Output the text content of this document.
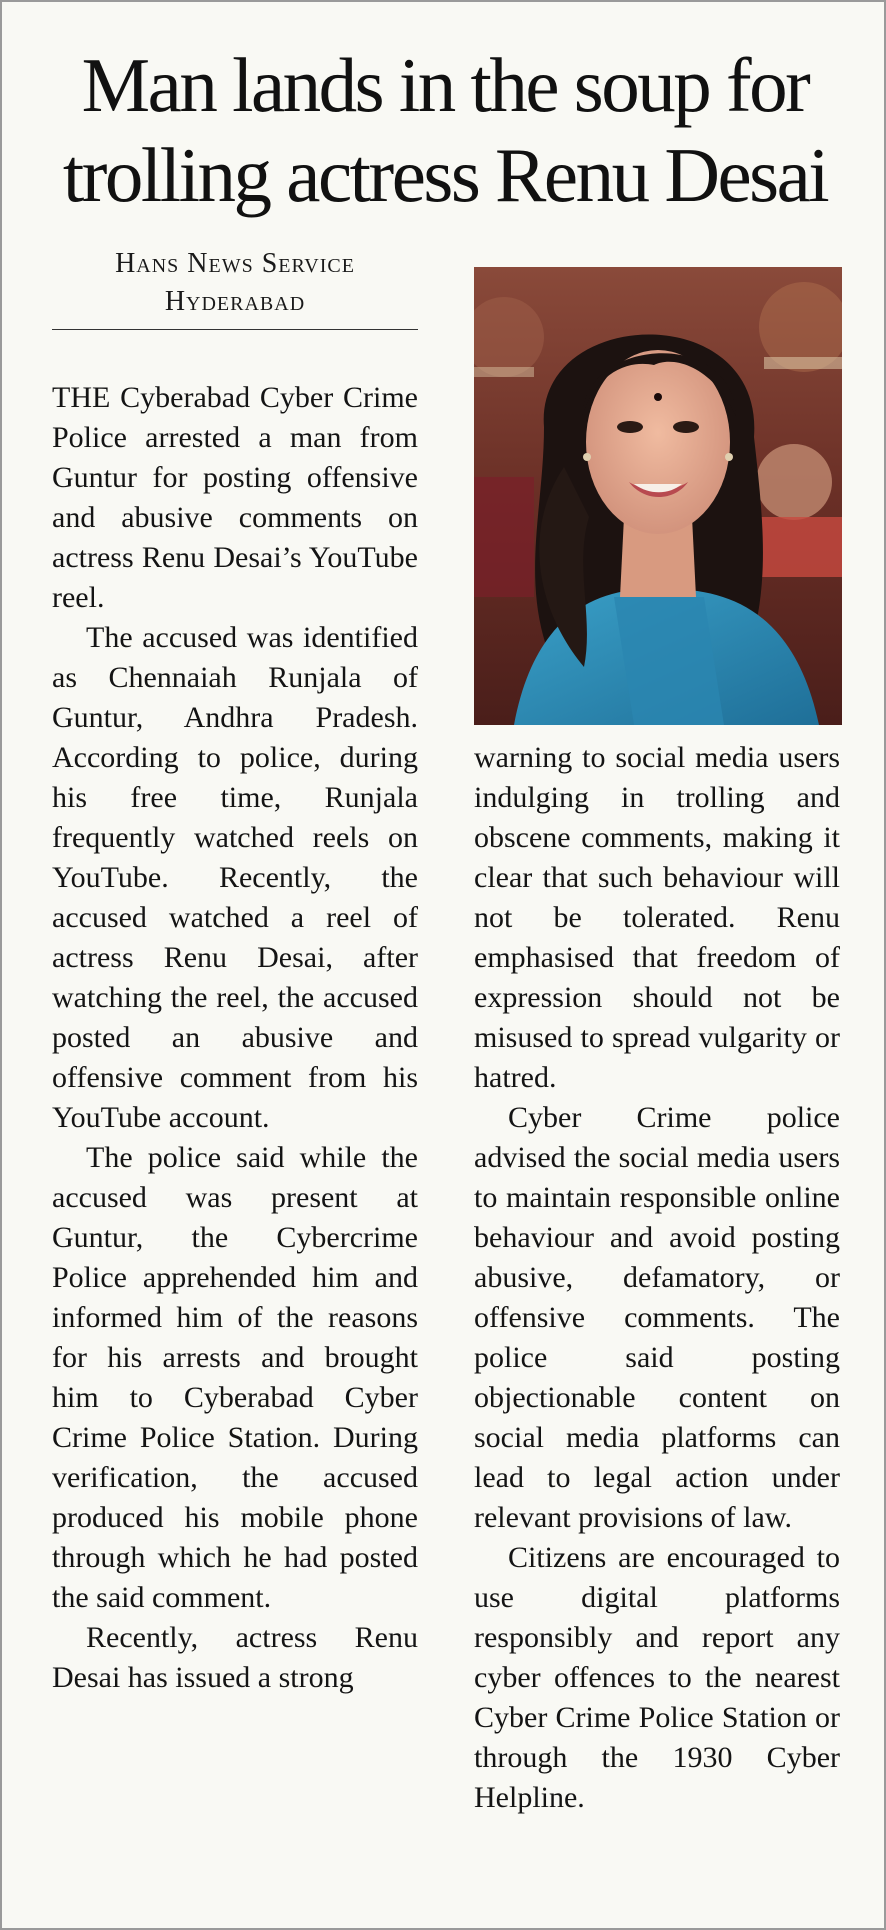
Man lands in the soup for trolling actress Renu Desai
Hans News Service
Hyderabad

THE Cyberabad Cyber Crime Police arrested a man from Guntur for posting offensive and abusive comments on actress Renu Desai’s YouTube reel.

The accused was identified as Chennaiah Runjala of Guntur, Andhra Pradesh. According to police, during his free time, Runjala frequently watched reels on YouTube. Recently, the accused watched a reel of actress Renu Desai, after watching the reel, the accused posted an abusive and offensive comment from his YouTube account.

The police said while the accused was present at Guntur, the Cybercrime Police apprehended him and informed him of the reasons for his arrests and brought him to Cyberabad Cyber Crime Police Station. During verification, the accused produced his mobile phone through which he had posted the said comment.

Recently, actress Renu Desai has issued a strong

warning to social media users indulging in trolling and obscene comments, making it clear that such behaviour will not be tolerated. Renu emphasised that freedom of expression should not be misused to spread vulgarity or hatred.

Cyber Crime police advised the social media users to maintain responsible online behaviour and avoid posting abusive, defamatory, or offensive comments. The police said posting objectionable content on social media platforms can lead to legal action under relevant provisions of law.

Citizens are encouraged to use digital platforms responsibly and report any cyber offences to the nearest Cyber Crime Police Station or through the 1930 Cyber Helpline.
